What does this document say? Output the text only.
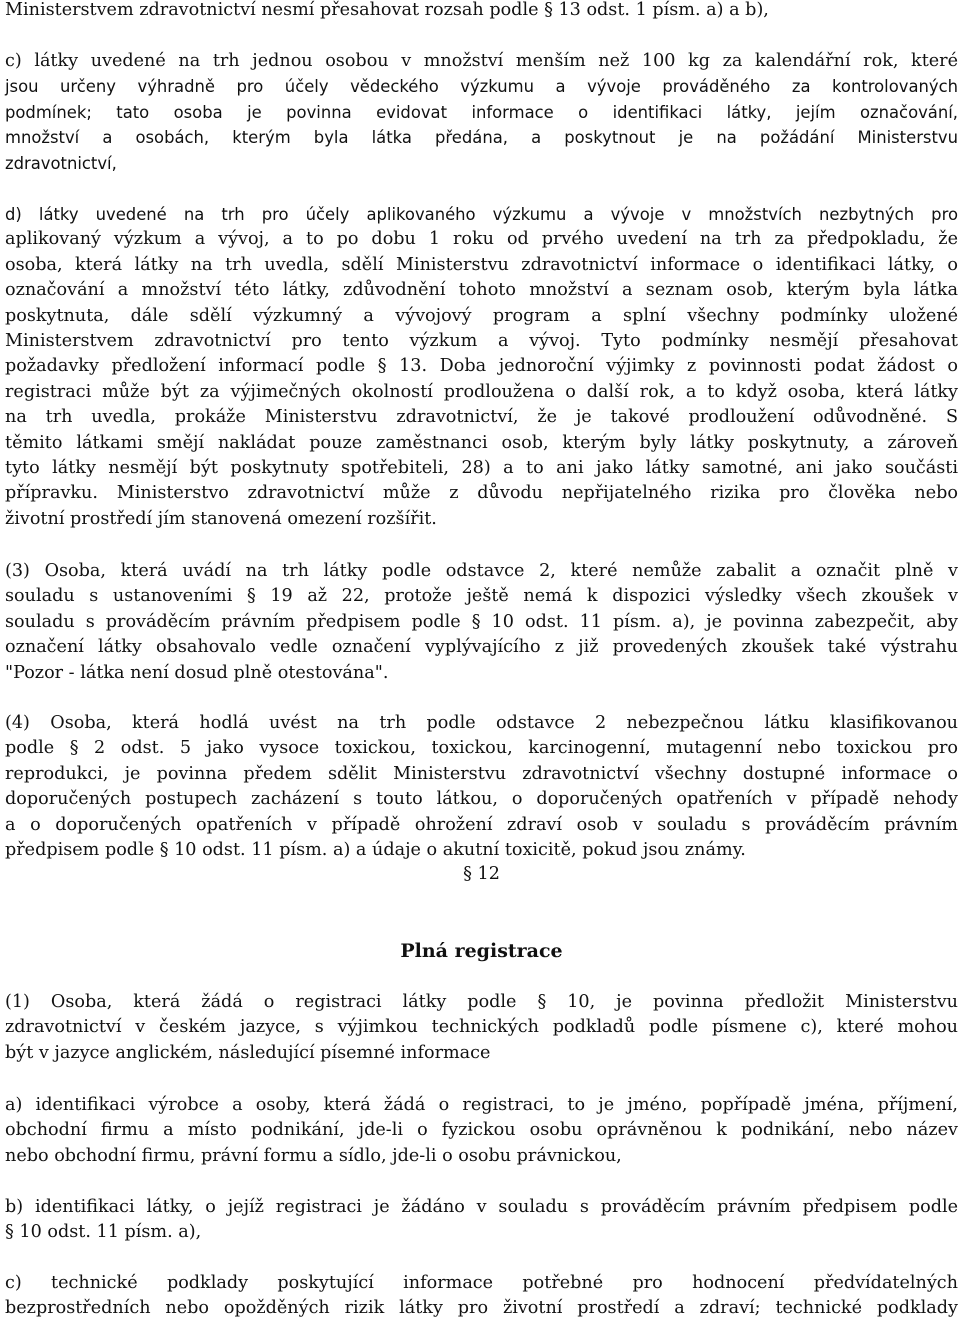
Ministerstvem zdravotnictví nesmí přesahovat rozsah podle § 13 odst. 1 písm. a) a b),
c) látky uvedené na trh jednou osobou v množství menším než 100 kg za kalendářní rok, které
jsou určeny výhradně pro účely vědeckého výzkumu a vývoje prováděného za kontrolovaných
podmínek; tato osoba je povinna evidovat informace o identifikaci látky, jejím označování,
množství a osobách, kterým byla látka předána, a poskytnout je na požádání Ministerstvu
zdravotnictví,
d) látky uvedené na trh pro účely aplikovaného výzkumu a vývoje v množstvích nezbytných pro
aplikovaný výzkum a vývoj, a to po dobu 1 roku od prvého uvedení na trh za předpokladu, že
osoba, která látky na trh uvedla, sdělí Ministerstvu zdravotnictví informace o identifikaci látky, o
označování a množství této látky, zdůvodnění tohoto množství a seznam osob, kterým byla látka
poskytnuta, dále sdělí výzkumný a vývojový program a splní všechny podmínky uložené
Ministerstvem zdravotnictví pro tento výzkum a vývoj. Tyto podmínky nesmějí přesahovat
požadavky předložení informací podle § 13. Doba jednoroční výjimky z povinnosti podat žádost o
registraci může být za výjimečných okolností prodloužena o další rok, a to když osoba, která látky
na trh uvedla, prokáže Ministerstvu zdravotnictví, že je takové prodloužení odůvodněné. S
těmito látkami smějí nakládat pouze zaměstnanci osob, kterým byly látky poskytnuty, a zároveň
tyto látky nesmějí být poskytnuty spotřebiteli, 28) a to ani jako látky samotné, ani jako součásti
přípravku. Ministerstvo zdravotnictví může z důvodu nepřijatelného rizika pro člověka nebo
životní prostředí jím stanovená omezení rozšířit.
(3) Osoba, která uvádí na trh látky podle odstavce 2, které nemůže zabalit a označit plně v
souladu s ustanoveními § 19 až 22, protože ještě nemá k dispozici výsledky všech zkoušek v
souladu s prováděcím právním předpisem podle § 10 odst. 11 písm. a), je povinna zabezpečit, aby
označení látky obsahovalo vedle označení vyplývajícího z již provedených zkoušek také výstrahu
"Pozor - látka není dosud plně otestována".
(4) Osoba, která hodlá uvést na trh podle odstavce 2 nebezpečnou látku klasifikovanou
podle § 2 odst. 5 jako vysoce toxickou, toxickou, karcinogenní, mutagenní nebo toxickou pro
reprodukci, je povinna předem sdělit Ministerstvu zdravotnictví všechny dostupné informace o
doporučených postupech zacházení s touto látkou, o doporučených opatřeních v případě nehody
a o doporučených opatřeních v případě ohrožení zdraví osob v souladu s prováděcím právním
předpisem podle § 10 odst. 11 písm. a) a údaje o akutní toxicitě, pokud jsou známy.
§ 12
Plná registrace
(1) Osoba, která žádá o registraci látky podle § 10, je povinna předložit Ministerstvu
zdravotnictví v českém jazyce, s výjimkou technických podkladů podle písmene c), které mohou
být v jazyce anglickém, následující písemné informace
a) identifikaci výrobce a osoby, která žádá o registraci, to je jméno, popřípadě jména, příjmení,
obchodní firmu a místo podnikání, jde-li o fyzickou osobu oprávněnou k podnikání, nebo název
nebo obchodní firmu, právní formu a sídlo, jde-li o osobu právnickou,
b) identifikaci látky, o jejíž registraci je žádáno v souladu s prováděcím právním předpisem podle
§ 10 odst. 11 písm. a),
c) technické podklady poskytující informace potřebné pro hodnocení předvídatelných
bezprostředních nebo opožděných rizik látky pro životní prostředí a zdraví; technické podklady
